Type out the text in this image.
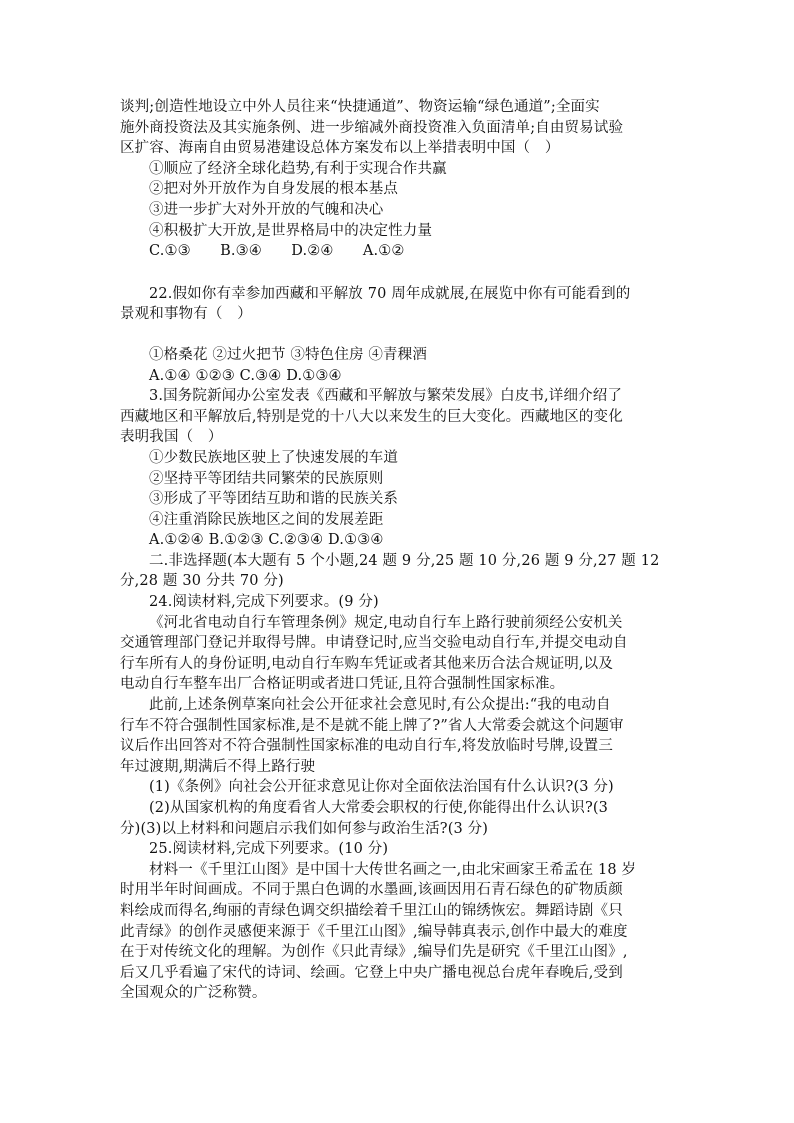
谈判;创造性地设立中外人员往来“快捷通道”、物资运输“绿色通道”;全面实
施外商投资法及其实施条例、进一步缩减外商投资准入负面清单;自由贸易试验
区扩容、海南自由贸易港建设总体方案发布以上举措表明中国（　）
①顺应了经济全球化趋势,有利于实现合作共赢
②把对外开放作为自身发展的根本基点
③进一步扩大对外开放的气魄和决心
④积极扩大开放,是世界格局中的决定性力量
C.①③　　B.③④　　D.②④　　A.①②
22.假如你有幸参加西藏和平解放 70 周年成就展,在展览中你有可能看到的
景观和事物有（　）
①格桑花 ②过火把节 ③特色住房 ④青稞酒
A.①④ ①②③ C.③④ D.①③④
3.国务院新闻办公室发表《西藏和平解放与繁荣发展》白皮书,详细介绍了
西藏地区和平解放后,特别是党的十八大以来发生的巨大变化。西藏地区的变化
表明我国（　）
①少数民族地区驶上了快速发展的车道
②坚持平等团结共同繁荣的民族原则
③形成了平等团结互助和谐的民族关系
④注重消除民族地区之间的发展差距
A.①②④ B.①②③ C.②③④ D.①③④
二.非选择题(本大题有 5 个小题,24 题 9 分,25 题 10 分,26 题 9 分,27 题 12
分,28 题 30 分共 70 分)
24.阅读材料,完成下列要求。(9 分)
《河北省电动自行车管理条例》规定,电动自行车上路行驶前须经公安机关
交通管理部门登记并取得号牌。申请登记时,应当交验电动自行车,并提交电动自
行车所有人的身份证明,电动自行车购车凭证或者其他来历合法合规证明,以及
电动自行车整车出厂合格证明或者进口凭证,且符合强制性国家标准。
此前,上述条例草案向社会公开征求社会意见时,有公众提出:“我的电动自
行车不符合强制性国家标准,是不是就不能上牌了?”省人大常委会就这个问题审
议后作出回答对不符合强制性国家标准的电动自行车,将发放临时号牌,设置三
年过渡期,期满后不得上路行驶
(1)《条例》向社会公开征求意见让你对全面依法治国有什么认识?(3 分)
(2)从国家机构的角度看省人大常委会职权的行使,你能得出什么认识?(3
分)(3)以上材料和问题启示我们如何参与政治生活?(3 分)
25.阅读材料,完成下列要求。(10 分)
材料一《千里江山图》是中国十大传世名画之一,由北宋画家王希孟在 18 岁
时用半年时间画成。不同于黑白色调的水墨画,该画因用石青石绿色的矿物质颜
料绘成而得名,绚丽的青绿色调交织描绘着千里江山的锦绣恢宏。舞蹈诗剧《只
此青绿》的创作灵感便来源于《千里江山图》,编导韩真表示,创作中最大的难度
在于对传统文化的理解。为创作《只此青绿》,编导们先是研究《千里江山图》,
后又几乎看遍了宋代的诗词、绘画。它登上中央广播电视总台虎年春晚后,受到
全国观众的广泛称赞。
